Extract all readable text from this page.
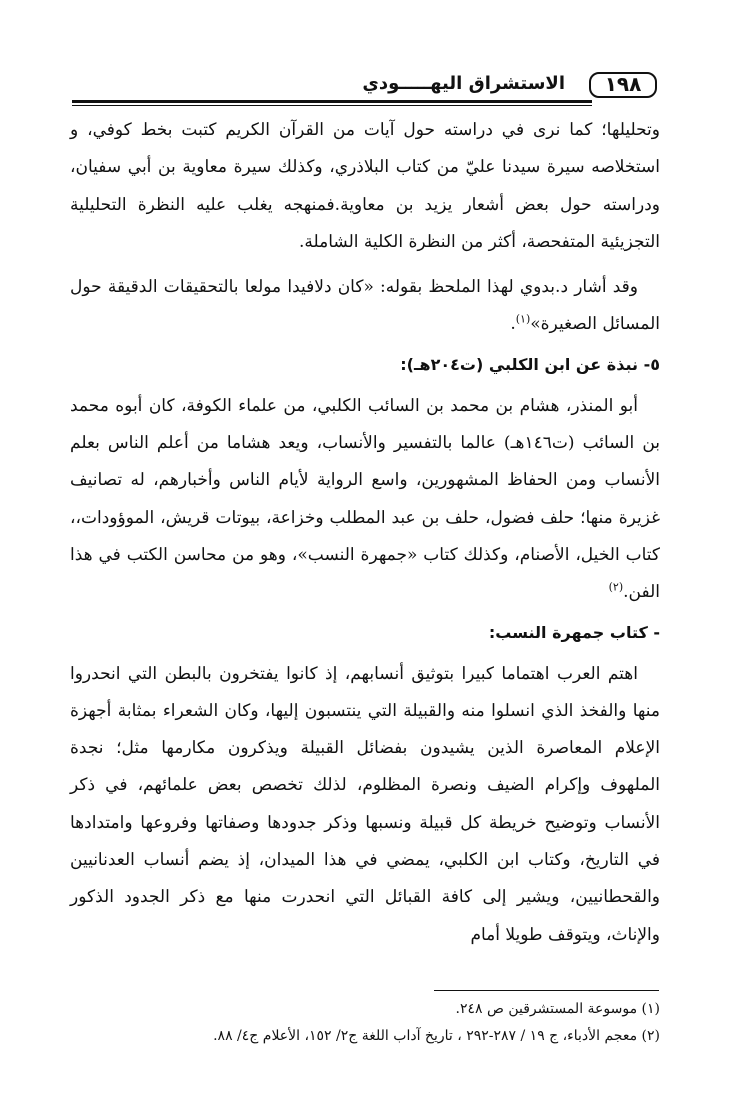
١٩٨
الاستشراق اليهـــــودي

وتحليلها؛ كما نرى في دراسته حول آيات من القرآن الكريم كتبت بخط كوفي، و استخلاصه سيرة سيدنا عليّ من كتاب البلاذري، وكذلك سيرة معاوية بن أبي سفيان، ودراسته حول بعض أشعار يزيد بن معاوية.فمنهجه يغلب عليه النظرة التحليلية التجزيئية المتفحصة، أكثر من النظرة الكلية الشاملة.

وقد أشار د.بدوي لهذا الملحظ بقوله: «كان دلافيدا مولعا بالتحقيقات الدقيقة حول المسائل الصغيرة»$^{(١)}$.

٥- نبذة عن ابن الكلبي (ت٢٠٤هـ):

أبو المنذر، هشام بن محمد بن السائب الكلبي، من علماء الكوفة، كان أبوه محمد بن السائب (ت١٤٦هـ) عالما بالتفسير والأنساب، ويعد هشاما من أعلم الناس بعلم الأنساب ومن الحفاظ المشهورين، واسع الرواية لأيام الناس وأخبارهم، له تصانيف غزيرة منها؛ حلف فضول، حلف بن عبد المطلب وخزاعة، بيوتات قريش، الموؤودات،، كتاب الخيل، الأصنام، وكذلك كتاب «جمهرة النسب»، وهو من محاسن الكتب في هذا الفن.$^{(٢)}$

- كتاب جمهرة النسب:

اهتم العرب اهتماما كبيرا بتوثيق أنسابهم، إذ كانوا يفتخرون بالبطن التي انحدروا منها والفخذ الذي انسلوا منه والقبيلة التي ينتسبون إليها، وكان الشعراء بمثابة أجهزة الإعلام المعاصرة الذين يشيدون بفضائل القبيلة ويذكرون مكارمها مثل؛ نجدة الملهوف وإكرام الضيف ونصرة المظلوم، لذلك تخصص بعض علمائهم، في ذكر الأنساب وتوضيح خريطة كل قبيلة ونسبها وذكر جدودها وصفاتها وفروعها وامتدادها في التاريخ، وكتاب ابن الكلبي، يمضي في هذا الميدان، إذ يضم أنساب العدنانيين والقحطانيين، ويشير إلى كافة القبائل التي انحدرت منها مع ذكر الجدود الذكور والإناث، ويتوقف طويلا أمام

(١) موسوعة المستشرقين ص ٢٤٨.

(٢) معجم الأدباء، ج ١٩ / ٢٨٧-٢٩٢ ، تاريخ آداب اللغة ج٢/ ١٥٢، الأعلام ج٤/ ٨٨.
